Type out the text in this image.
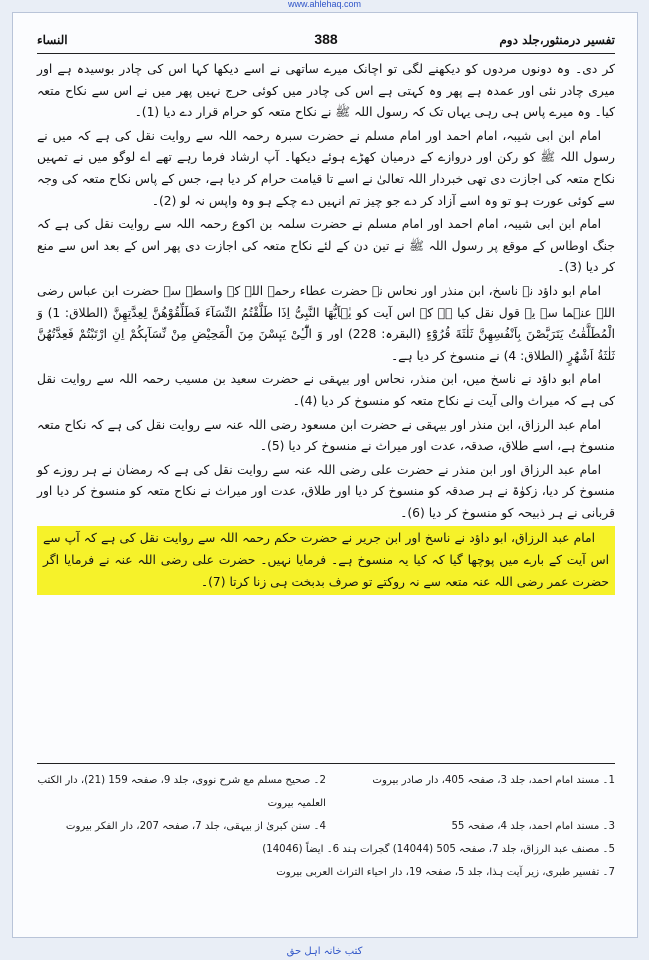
www.ahlehaq.com
تفسیر درمنثور،جلد دوم
388
النساء

کر دی۔ وہ دونوں مردوں کو دیکھنے لگی تو اچانک میرے ساتھی نے اسے دیکھا کہا اس کی چادر بوسیدہ ہے اور میری چادر نئی اور عمدہ ہے پھر وہ کہتی ہے اس کی چادر میں کوئی حرج نہیں پھر میں نے اس سے نکاح متعہ کیا۔ وہ میرے پاس ہی رہی یہاں تک کہ رسول اللہ ﷺ نے نکاح متعہ کو حرام قرار دے دیا (1)۔

امام ابن ابی شیبہ، امام احمد اور امام مسلم نے حضرت سبرہ رحمہ اللہ سے روایت نقل کی ہے کہ میں نے رسول اللہ ﷺ کو رکن اور دروازے کے درمیان کھڑے ہوئے دیکھا۔ آپ ارشاد فرما رہے تھے اے لوگو میں نے تمہیں نکاح متعہ کی اجازت دی تھی خبردار اللہ تعالیٰ نے اسے تا قیامت حرام کر دیا ہے، جس کے پاس نکاح متعہ کی وجہ سے کوئی عورت ہو تو وہ اسے آزاد کر دے جو چیز تم انہیں دے چکے ہو وہ واپس نہ لو (2)۔

امام ابن ابی شیبہ، امام احمد اور امام مسلم نے حضرت سلمہ بن اکوع رحمہ اللہ سے روایت نقل کی ہے کہ جنگ اوطاس کے موقع پر رسول اللہ ﷺ نے تین دن کے لئے نکاح متعہ کی اجازت دی پھر اس کے بعد اس سے منع کر دیا (3)۔

امام ابو داؤد نے ناسخ، ابن منذر اور نحاس نے حضرت عطاء رحمہ اللہ کے واسطہ سے حضرت ابن عباس رضی اللہ عنہما سے یہ قول نقل کیا ہے کہ اس آیت کو یٰۤاَیُّهَا النَّبِیُّ اِذَا طَلَّقْتُمُ النِّسَآءَ فَطَلِّقُوْهُنَّ لِعِدَّتِهِنَّ (الطلاق: 1) وَ الْمُطَلَّقٰتُ یَتَرَبَّصْنَ بِاَنْفُسِهِنَّ ثَلٰثَةَ قُرُوْٓءٍ (البقرہ: 228) اور وَ الّٰٓـِٔیْ یَىٕسْنَ مِنَ الْمَحِیْضِ مِنْ نِّسَآىٕكُمْ اِنِ ارْتَبْتُمْ فَعِدَّتُهُنَّ ثَلٰثَةُ اَشْهُرٍ (الطلاق: 4) نے منسوخ کر دیا ہے۔

امام ابو داؤد نے ناسخ میں، ابن منذر، نحاس اور بیہقی نے حضرت سعید بن مسیب رحمہ اللہ سے روایت نقل کی ہے کہ میراث والی آیت نے نکاح متعہ کو منسوخ کر دیا (4)۔

امام عبد الرزاق، ابن منذر اور بیہقی نے حضرت ابن مسعود رضی اللہ عنہ سے روایت نقل کی ہے کہ نکاح متعہ منسوخ ہے، اسے طلاق، صدقہ، عدت اور میراث نے منسوخ کر دیا (5)۔

امام عبد الرزاق اور ابن منذر نے حضرت علی رضی اللہ عنہ سے روایت نقل کی ہے کہ رمضان نے ہر روزے کو منسوخ کر دیا، زکوٰۃ نے ہر صدقہ کو منسوخ کر دیا اور طلاق، عدت اور میراث نے نکاح متعہ کو منسوخ کر دیا اور قربانی نے ہر ذبیحہ کو منسوخ کر دیا (6)۔

امام عبد الرزاق، ابو داؤد نے ناسخ اور ابن جریر نے حضرت حکم رحمہ اللہ سے روایت نقل کی ہے کہ آپ سے اس آیت کے بارے میں پوچھا گیا کہ کیا یہ منسوخ ہے۔ فرمایا نہیں۔ حضرت علی رضی اللہ عنہ نے فرمایا اگر حضرت عمر رضی اللہ عنہ متعہ سے نہ روکتے تو صرف بدبخت ہی زنا کرتا (7)۔

1۔ مسند امام احمد، جلد 3، صفحہ 405، دار صادر بیروت
2۔ صحیح مسلم مع شرح نووی، جلد 9، صفحہ 159 (21)، دار الکتب العلمیہ بیروت
3۔ مسند امام احمد، جلد 4، صفحہ 55
4۔ سنن کبریٰ از بیہقی، جلد 7، صفحہ 207، دار الفکر بیروت
5۔ مصنف عبد الرزاق، جلد 7، صفحہ 505 (14044) گجرات ہند 6۔ ایضاً (14046)
7۔ تفسیر طبری، زیر آیت ہذا، جلد 5، صفحہ 19، دار احیاء التراث العربی بیروت
کتب خانہ اہل حق
